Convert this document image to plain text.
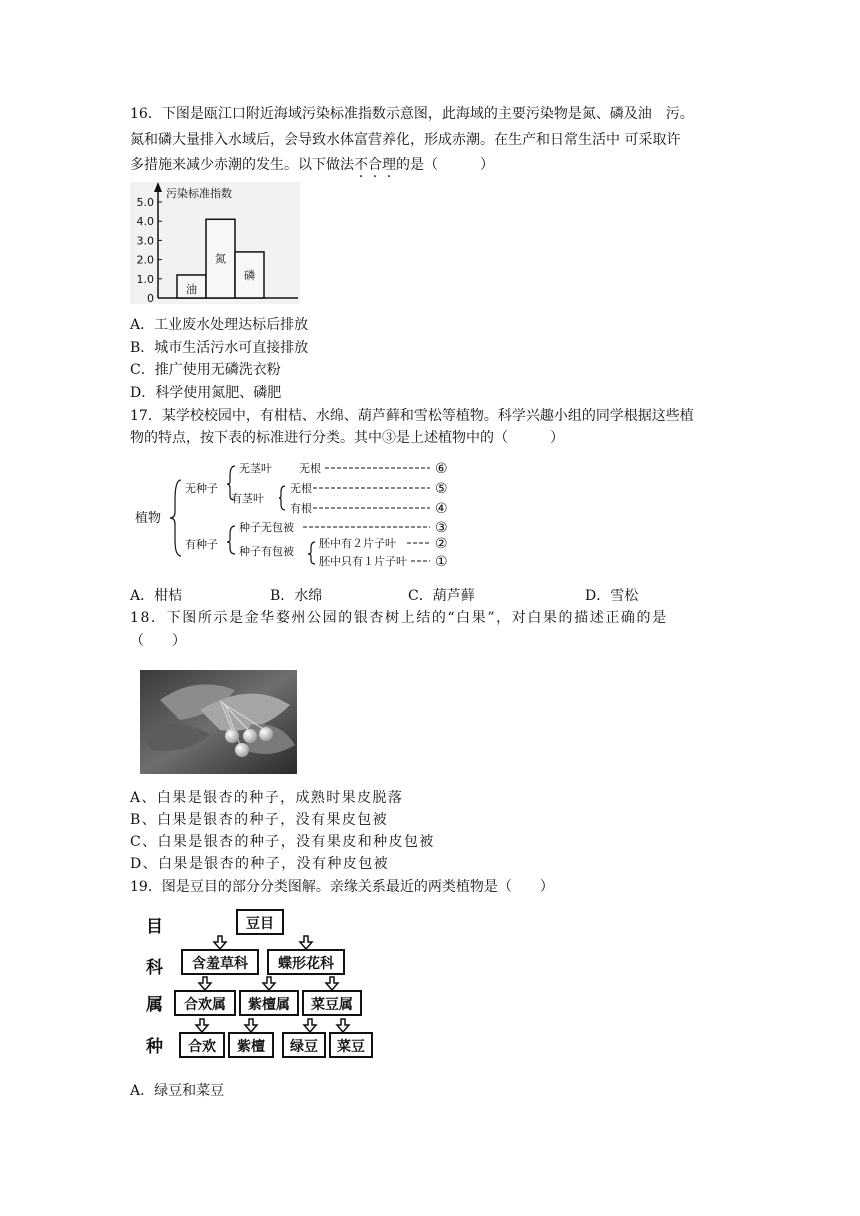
16．下图是瓯江口附近海域污染标准指数示意图，此海域的主要污染物是氮、磷及油　污。
氮和磷大量排入水域后，会导致水体富营养化，形成赤潮。在生产和日常生活中 可采取许
多措施来减少赤潮的发生。以下做法不合理的是（　　　）
污染标准指数
0
1.0
2.0
3.0
4.0
5.0
油
氮
磷
A．工业废水处理达标后排放
B．城市生活污水可直接排放
C．推广使用无磷洗衣粉
D．科学使用氮肥、磷肥
17．某学校校园中，有柑桔、水绵、葫芦藓和雪松等植物。科学兴趣小组的同学根据这些植
物的特点，按下表的标准进行分类。其中③是上述植物中的（　　　）
植物
无种子
无茎叶 无根
有茎叶
无根
有根
有种子
种子无包被
种子有包被
胚中有２片子叶
胚中只有１片子叶
⑥
⑤
④
③
②
①
A．柑桔	B．水绵	C．葫芦藓	D．雪松
18．下图所示是金华婺州公园的银杏树上结的“白果”，对白果的描述正确的是
（　　）
A、白果是银杏的种子，成熟时果皮脱落
B、白果是银杏的种子，没有果皮包被
C、白果是银杏的种子，没有果皮和种皮包被
D、白果是银杏的种子，没有种皮包被
19．图是豆目的部分分类图解。亲缘关系最近的两类植物是（　　）
目
科
属
种
豆目
含羞草科 蝶形花科
合欢属 紫檀属 菜豆属
合欢 紫檀 绿豆 菜豆
A．绿豆和菜豆
